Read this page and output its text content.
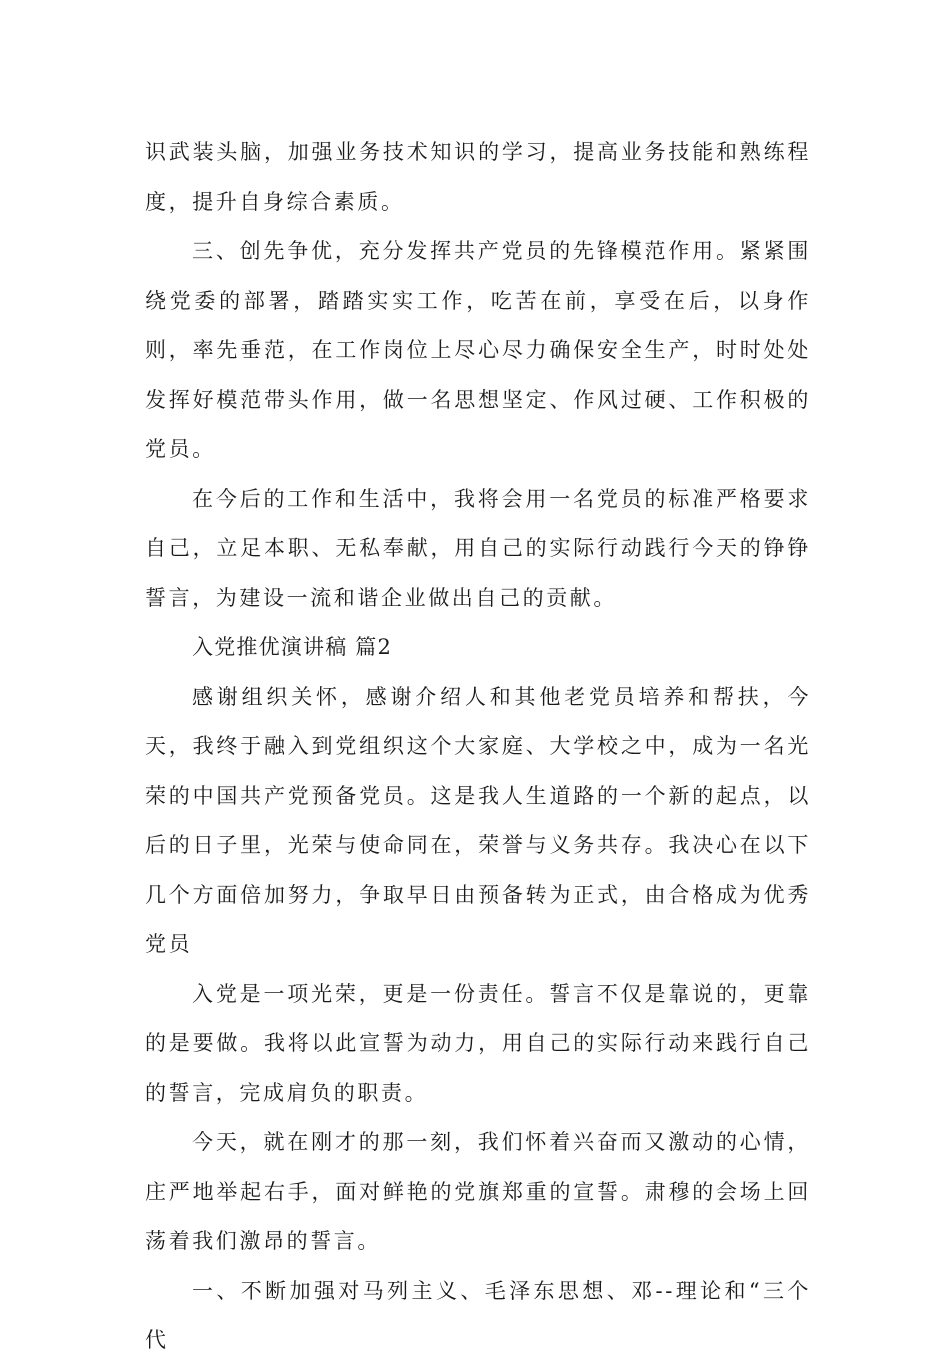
识武装头脑，加强业务技术知识的学习，提高业务技能和熟练程度，提升自身综合素质。

三、创先争优，充分发挥共产党员的先锋模范作用。紧紧围绕党委的部署，踏踏实实工作，吃苦在前，享受在后，以身作则，率先垂范，在工作岗位上尽心尽力确保安全生产，时时处处发挥好模范带头作用，做一名思想坚定、作风过硬、工作积极的党员。

在今后的工作和生活中，我将会用一名党员的标准严格要求自己，立足本职、无私奉献，用自己的实际行动践行今天的铮铮誓言，为建设一流和谐企业做出自己的贡献。

入党推优演讲稿 篇2

感谢组织关怀，感谢介绍人和其他老党员培养和帮扶，今天，我终于融入到党组织这个大家庭、大学校之中，成为一名光荣的中国共产党预备党员。这是我人生道路的一个新的起点，以后的日子里，光荣与使命同在，荣誉与义务共存。我决心在以下几个方面倍加努力，争取早日由预备转为正式，由合格成为优秀党员

入党是一项光荣，更是一份责任。誓言不仅是靠说的，更靠的是要做。我将以此宣誓为动力，用自己的实际行动来践行自己的誓言，完成肩负的职责。

今天，就在刚才的那一刻，我们怀着兴奋而又激动的心情，庄严地举起右手，面对鲜艳的党旗郑重的宣誓。肃穆的会场上回荡着我们激昂的誓言。

一、不断加强对马列主义、毛泽东思想、邓--理论和“三个代
